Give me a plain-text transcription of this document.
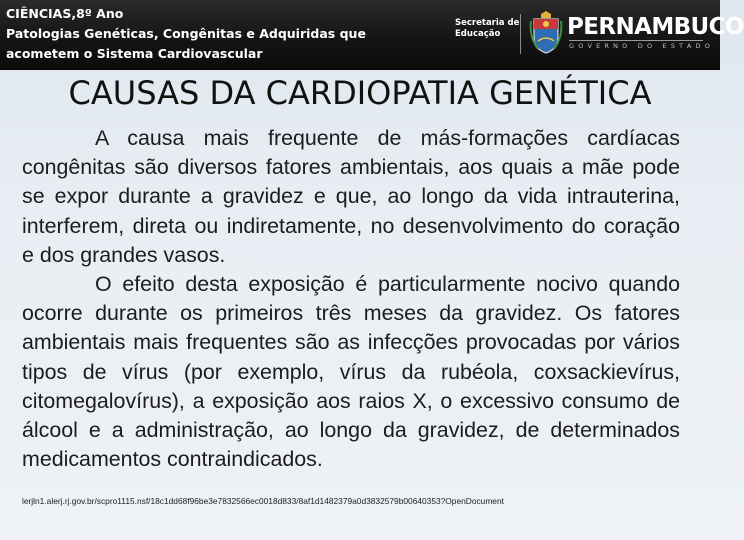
CIÊNCIAS,8º Ano
Patologias Genéticas, Congênitas e Adquiridas que
acometem o Sistema Cardiovascular
Secretaria de
Educação	PERNAMBUCO
GOVERNO DO ESTADO
CAUSAS DA CARDIOPATIA GENÉTICA

A causa mais frequente de más-formações cardíacas congênitas são diversos fatores ambientais, aos quais a mãe pode se expor durante a gravidez e que, ao longo da vida intrauterina, interferem, direta ou indiretamente, no desenvolvimento do coração e dos grandes vasos.

O efeito desta exposição é particularmente nocivo quando ocorre durante os primeiros três meses da gravidez. Os fatores ambientais mais frequentes são as infecções provocadas por vários tipos de vírus (por exemplo, vírus da rubéola, coxsackievírus, citomegalovírus), a exposição aos raios X, o excessivo consumo de álcool e a administração, ao longo da gravidez, de determinados medicamentos contraindicados.

lerjln1.alerj.rj.gov.br/scpro1115.nsf/18c1dd68f96be3e7832566ec0018d833/8af1d1482379a0d3832579b00640353?OpenDocument
